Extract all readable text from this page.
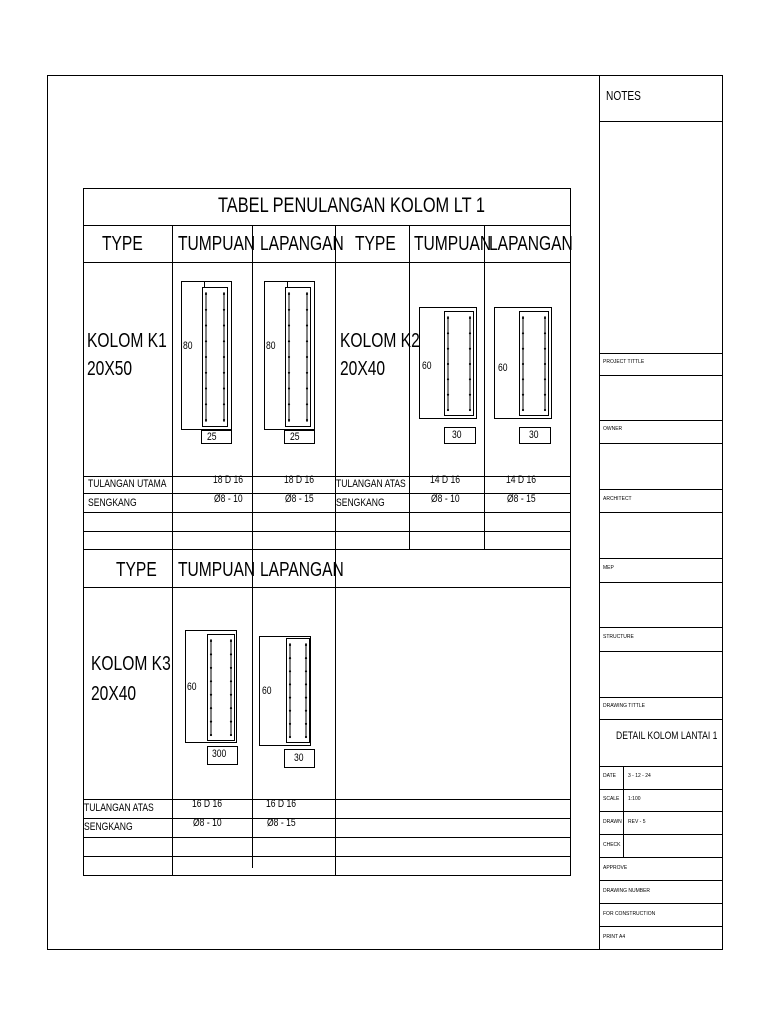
TABEL PENULANGAN KOLOM LT 1
TYPE TUMPUAN LAPANGAN TYPE TUMPUAN
LAPANGAN
KOLOM K1
20X50
KOLOM K2
20X40
80
25
80
25
60
30
60
30
TULANGAN UTAMA
SENGKANG
18 D 16
Ø8 - 10
18 D 16
Ø8 - 15
TULANGAN ATAS
SENGKANG
14 D 16
Ø8 - 10
14 D 16
Ø8 - 15
TYPE TUMPUAN LAPANGAN
KOLOM K3
20X40	60
300
60
30
TULANGAN ATAS
SENGKANG
16 D 16
Ø8 - 10
16 D 16
Ø8 - 15
NOTES
PROJECT TITTLE
OWNER
ARCHITECT
MEP
STRUCTURE
DRAWING TITTLE
DETAIL KOLOM LANTAI 1
DATE 3 - 12 - 24
SCALE 1:100
DRAWN REV - 5
CHECK
APPROVE
DRAWING NUMBER
FOR CONSTRUCTION
PRINT A4
